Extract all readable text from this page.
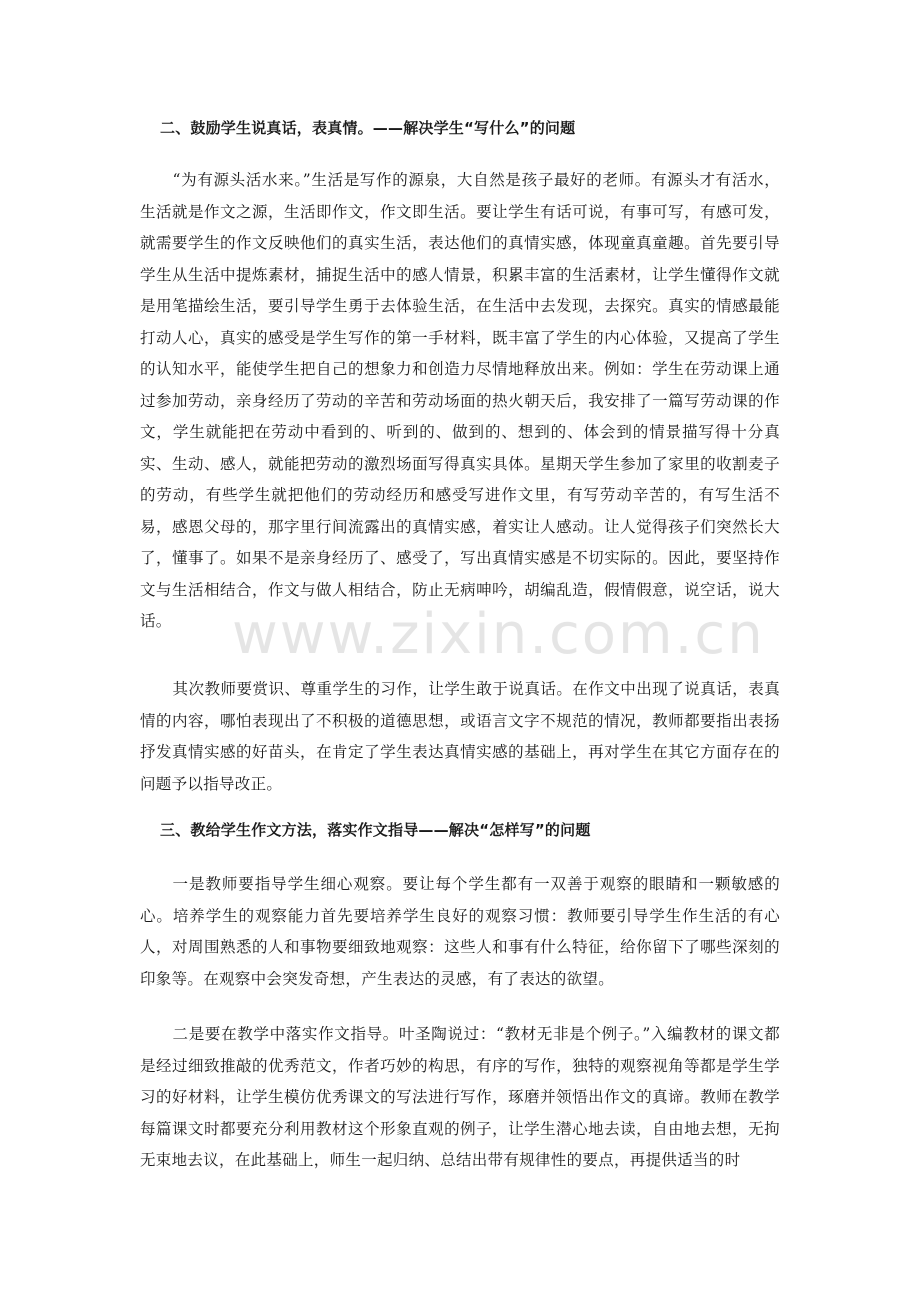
二、鼓励学生说真话，表真情。——解决学生“写什么”的问题
“为有源头活水来。”生活是写作的源泉，大自然是孩子最好的老师。有源头才有活水，生活就是作文之源，生活即作文，作文即生活。要让学生有话可说，有事可写，有感可发，就需要学生的作文反映他们的真实生活，表达他们的真情实感，体现童真童趣。首先要引导学生从生活中提炼素材，捕捉生活中的感人情景，积累丰富的生活素材，让学生懂得作文就是用笔描绘生活，要引导学生勇于去体验生活，在生活中去发现，去探究。真实的情感最能打动人心，真实的感受是学生写作的第一手材料，既丰富了学生的内心体验，又提高了学生的认知水平，能使学生把自己的想象力和创造力尽情地释放出来。例如：学生在劳动课上通过参加劳动，亲身经历了劳动的辛苦和劳动场面的热火朝天后，我安排了一篇写劳动课的作文，学生就能把在劳动中看到的、听到的、做到的、想到的、体会到的情景描写得十分真实、生动、感人，就能把劳动的激烈场面写得真实具体。星期天学生参加了家里的收割麦子的劳动，有些学生就把他们的劳动经历和感受写进作文里，有写劳动辛苦的，有写生活不易，感恩父母的，那字里行间流露出的真情实感，着实让人感动。让人觉得孩子们突然长大了，懂事了。如果不是亲身经历了、感受了，写出真情实感是不切实际的。因此，要坚持作文与生活相结合，作文与做人相结合，防止无病呻吟，胡编乱造，假情假意，说空话，说大话。
其次教师要赏识、尊重学生的习作，让学生敢于说真话。在作文中出现了说真话，表真情的内容，哪怕表现出了不积极的道德思想，或语言文字不规范的情况，教师都要指出表扬抒发真情实感的好苗头，在肯定了学生表达真情实感的基础上，再对学生在其它方面存在的问题予以指导改正。
三、教给学生作文方法，落实作文指导——解决“怎样写”的问题
一是教师要指导学生细心观察。要让每个学生都有一双善于观察的眼睛和一颗敏感的心。培养学生的观察能力首先要培养学生良好的观察习惯：教师要引导学生作生活的有心人，对周围熟悉的人和事物要细致地观察：这些人和事有什么特征，给你留下了哪些深刻的印象等。在观察中会突发奇想，产生表达的灵感，有了表达的欲望。
二是要在教学中落实作文指导。叶圣陶说过：“教材无非是个例子。”入编教材的课文都是经过细致推敲的优秀范文，作者巧妙的构思，有序的写作，独特的观察视角等都是学生学习的好材料，让学生模仿优秀课文的写法进行写作，琢磨并领悟出作文的真谛。教师在教学每篇课文时都要充分利用教材这个形象直观的例子，让学生潜心地去读，自由地去想，无拘无束地去议，在此基础上，师生一起归纳、总结出带有规律性的要点，再提供适当的时
www.zixin.com.cn
